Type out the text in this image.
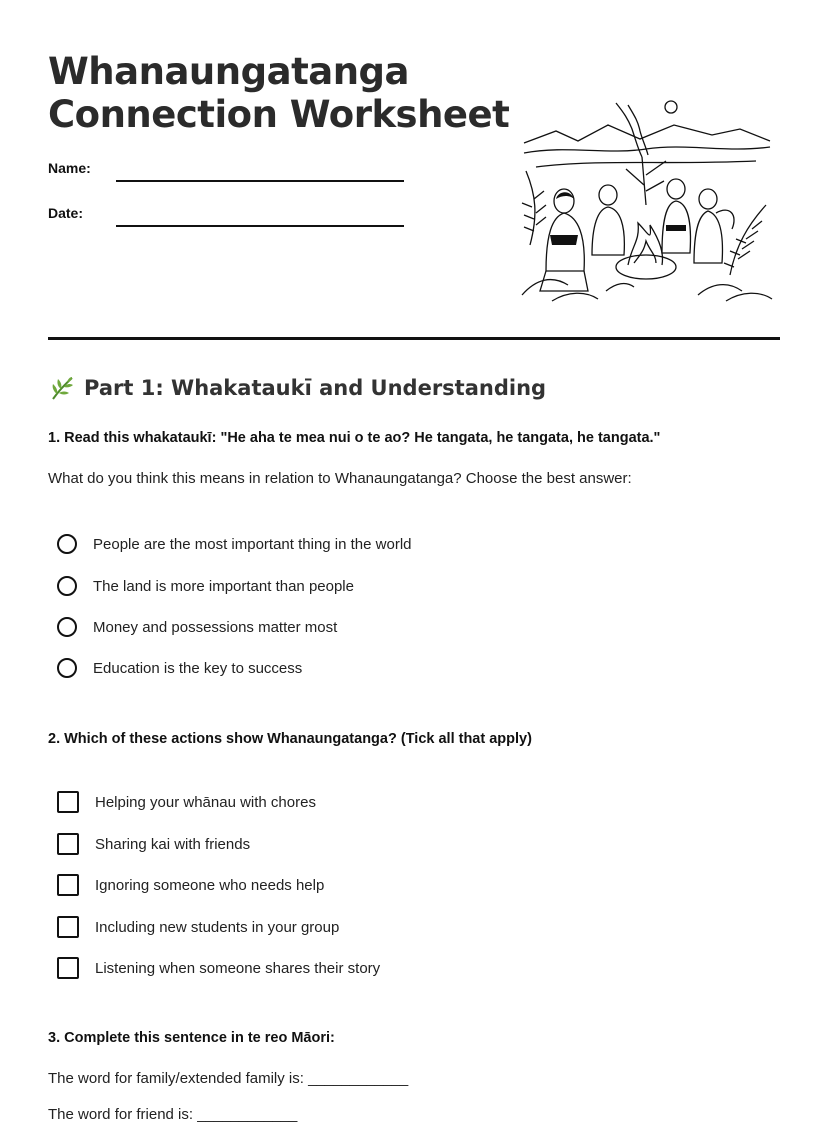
Whanaungatanga
Connection Worksheet
Name:
Date:
Part 1: Whakataukī and Understanding

1. Read this whakataukī: "He aha te mea nui o te ao? He tangata, he tangata, he tangata."

What do you think this means in relation to Whanaungatanga? Choose the best answer:

People are the most important thing in the world
The land is more important than people
Money and possessions matter most
Education is the key to success

2. Which of these actions show Whanaungatanga? (Tick all that apply)

Helping your whānau with chores
Sharing kai with friends
Ignoring someone who needs help
Including new students in your group
Listening when someone shares their story

3. Complete this sentence in te reo Māori:

The word for family/extended family is: ____________

The word for friend is: ____________
